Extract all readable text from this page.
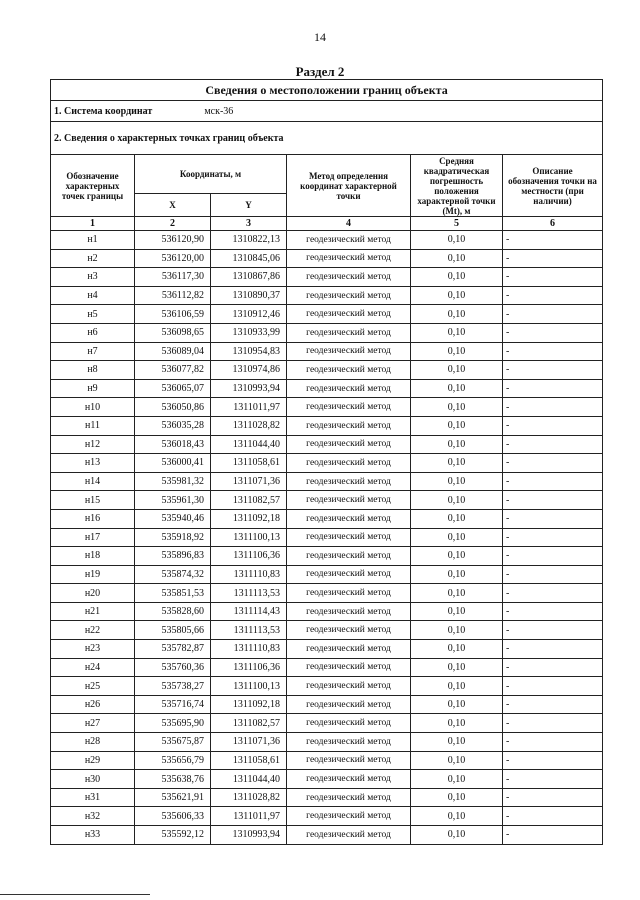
14
Раздел 2
Сведения о местоположении границ объекта					
1. Система координат мск-36					
2. Сведения о характерных точках границ объекта					
Обозначение характерных точек границы	Координаты, м		Метод определения координат характерной точки	Средняя квадратическая погрешность положения характерной точки (Mt), м	Описание обозначения точки на местности (при наличии)
	X	Y			
1	2	3	4	5	6
н1	536120,90	1310822,13	геодезический метод	0,10	-
н2	536120,00	1310845,06	геодезический метод	0,10	-
н3	536117,30	1310867,86	геодезический метод	0,10	-
н4	536112,82	1310890,37	геодезический метод	0,10	-
н5	536106,59	1310912,46	геодезический метод	0,10	-
н6	536098,65	1310933,99	геодезический метод	0,10	-
н7	536089,04	1310954,83	геодезический метод	0,10	-
н8	536077,82	1310974,86	геодезический метод	0,10	-
н9	536065,07	1310993,94	геодезический метод	0,10	-
н10	536050,86	1311011,97	геодезический метод	0,10	-
н11	536035,28	1311028,82	геодезический метод	0,10	-
н12	536018,43	1311044,40	геодезический метод	0,10	-
н13	536000,41	1311058,61	геодезический метод	0,10	-
н14	535981,32	1311071,36	геодезический метод	0,10	-
н15	535961,30	1311082,57	геодезический метод	0,10	-
н16	535940,46	1311092,18	геодезический метод	0,10	-
н17	535918,92	1311100,13	геодезический метод	0,10	-
н18	535896,83	1311106,36	геодезический метод	0,10	-
н19	535874,32	1311110,83	геодезический метод	0,10	-
н20	535851,53	1311113,53	геодезический метод	0,10	-
н21	535828,60	1311114,43	геодезический метод	0,10	-
н22	535805,66	1311113,53	геодезический метод	0,10	-
н23	535782,87	1311110,83	геодезический метод	0,10	-
н24	535760,36	1311106,36	геодезический метод	0,10	-
н25	535738,27	1311100,13	геодезический метод	0,10	-
н26	535716,74	1311092,18	геодезический метод	0,10	-
н27	535695,90	1311082,57	геодезический метод	0,10	-
н28	535675,87	1311071,36	геодезический метод	0,10	-
н29	535656,79	1311058,61	геодезический метод	0,10	-
н30	535638,76	1311044,40	геодезический метод	0,10	-
н31	535621,91	1311028,82	геодезический метод	0,10	-
н32	535606,33	1311011,97	геодезический метод	0,10	-
н33	535592,12	1310993,94	геодезический метод	0,10	-
